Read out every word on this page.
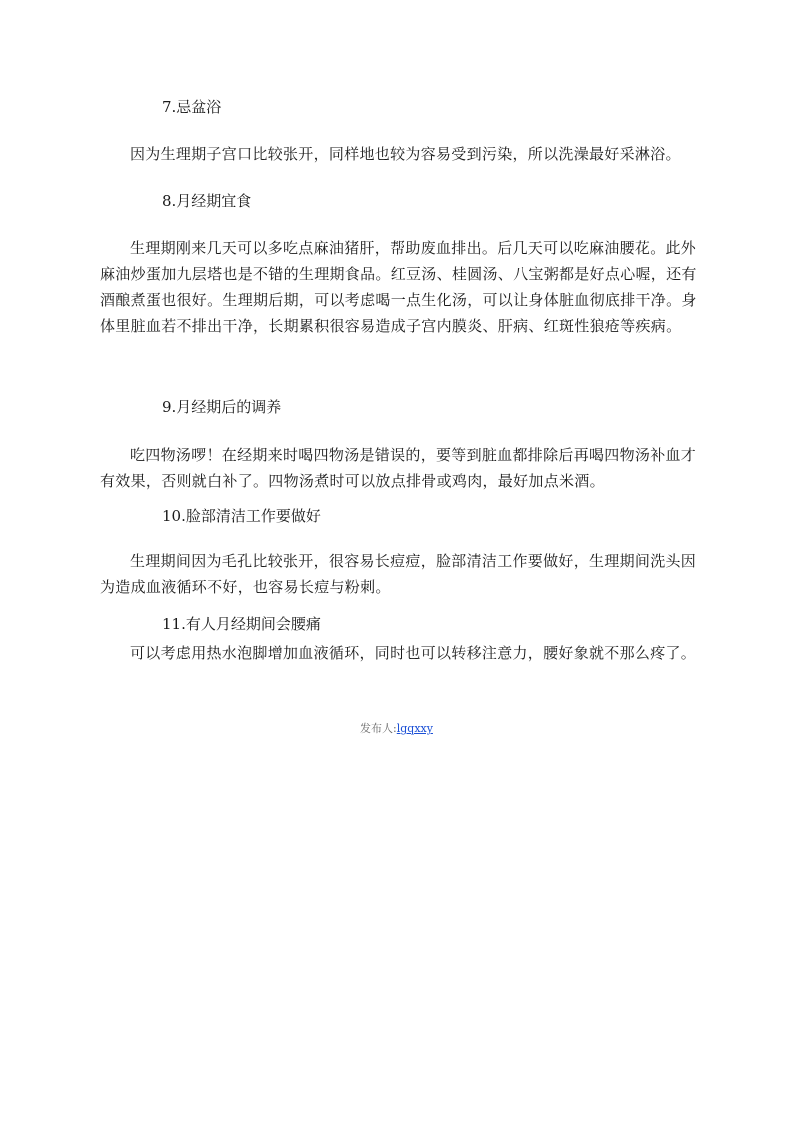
7.忌盆浴
因为生理期子宫口比较张开，同样地也较为容易受到污染，所以洗澡最好采淋浴。
8.月经期宜食
生理期刚来几天可以多吃点麻油猪肝，帮助废血排出。后几天可以吃麻油腰花。此外麻油炒蛋加九层塔也是不错的生理期食品。红豆汤、桂圆汤、八宝粥都是好点心喔，还有酒酿煮蛋也很好。生理期后期，可以考虑喝一点生化汤，可以让身体脏血彻底排干净。身体里脏血若不排出干净，长期累积很容易造成子宫内膜炎、肝病、红斑性狼疮等疾病。
9.月经期后的调养
吃四物汤啰！在经期来时喝四物汤是错误的，要等到脏血都排除后再喝四物汤补血才有效果，否则就白补了。四物汤煮时可以放点排骨或鸡肉，最好加点米酒。
10.脸部清洁工作要做好
生理期间因为毛孔比较张开，很容易长痘痘，脸部清洁工作要做好，生理期间洗头因为造成血液循环不好，也容易长痘与粉刺。
11.有人月经期间会腰痛
可以考虑用热水泡脚增加血液循环，同时也可以转移注意力，腰好象就不那么疼了。
发布人:lgqxxy
